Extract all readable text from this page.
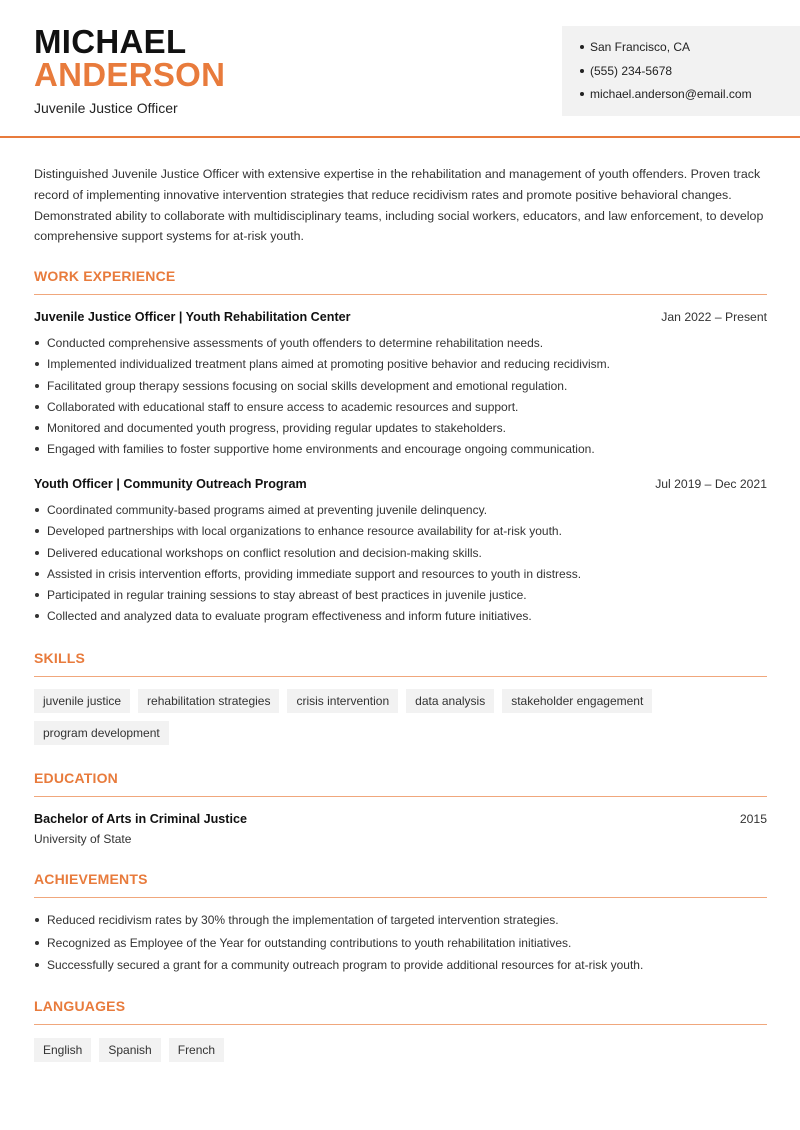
MICHAEL
ANDERSON
Juvenile Justice Officer
San Francisco, CA
(555) 234-5678
michael.anderson@email.com

Distinguished Juvenile Justice Officer with extensive expertise in the rehabilitation and management of youth offenders. Proven track record of implementing innovative intervention strategies that reduce recidivism rates and promote positive behavioral changes. Demonstrated ability to collaborate with multidisciplinary teams, including social workers, educators, and law enforcement, to develop comprehensive support systems for at-risk youth.

WORK EXPERIENCE
Juvenile Justice Officer | Youth Rehabilitation Center	Jan 2022 – Present
Conducted comprehensive assessments of youth offenders to determine rehabilitation needs.
Implemented individualized treatment plans aimed at promoting positive behavior and reducing recidivism.
Facilitated group therapy sessions focusing on social skills development and emotional regulation.
Collaborated with educational staff to ensure access to academic resources and support.
Monitored and documented youth progress, providing regular updates to stakeholders.
Engaged with families to foster supportive home environments and encourage ongoing communication.
Youth Officer | Community Outreach Program	Jul 2019 – Dec 2021
Coordinated community-based programs aimed at preventing juvenile delinquency.
Developed partnerships with local organizations to enhance resource availability for at-risk youth.
Delivered educational workshops on conflict resolution and decision-making skills.
Assisted in crisis intervention efforts, providing immediate support and resources to youth in distress.
Participated in regular training sessions to stay abreast of best practices in juvenile justice.
Collected and analyzed data to evaluate program effectiveness and inform future initiatives.
SKILLS
juvenile justice	rehabilitation strategies	crisis intervention	data analysis	stakeholder engagement
program development
EDUCATION
Bachelor of Arts in Criminal Justice	2015
University of State
ACHIEVEMENTS
Reduced recidivism rates by 30% through the implementation of targeted intervention strategies.
Recognized as Employee of the Year for outstanding contributions to youth rehabilitation initiatives.
Successfully secured a grant for a community outreach program to provide additional resources for at-risk youth.
LANGUAGES
English	Spanish	French
